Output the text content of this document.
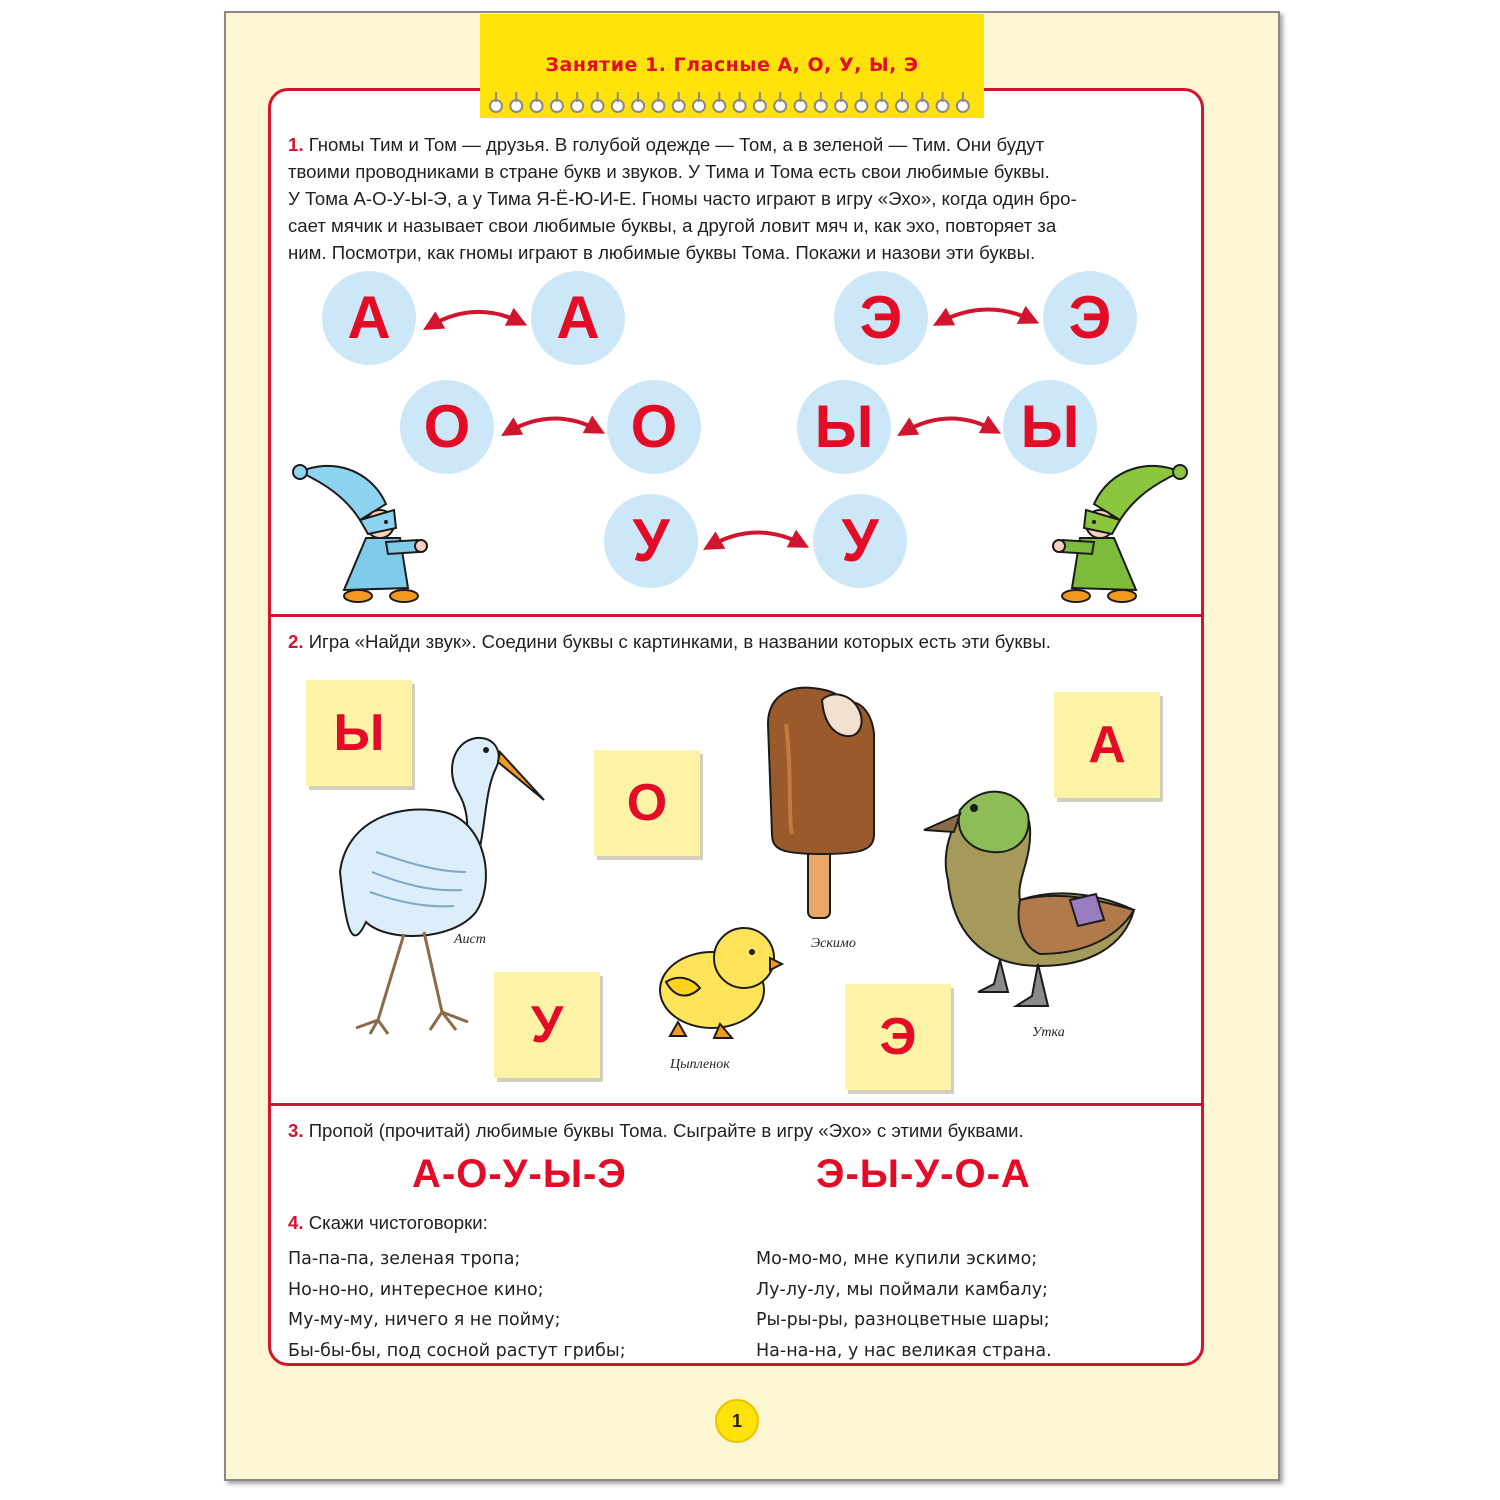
Занятие 1. Гласные А, О, У, Ы, Э
1. Гномы Тим и Том — друзья. В голубой одежде — Том, а в зеленой — Тим. Они будут
твоими проводниками в стране букв и звуков. У Тима и Тома есть свои любимые буквы.
У Тома А-О-У-Ы-Э, а у Тима Я-Ё-Ю-И-Е. Гномы часто играют в игру «Эхо», когда один бро-
сает мячик и называет свои любимые буквы, а другой ловит мяч и, как эхо, повторяет за
ним. Посмотри, как гномы играют в любимые буквы Тома. Покажи и назови эти буквы.
А	А
О	О
У	У
Ы Ы
Э	Э
2. Игра «Найди звук». Соедини буквы с картинками, в названии которых есть эти буквы.
Ы
О
А
У	Э
Аист	Эскимо
Цыпленок
Утка
3. Пропой (прочитай) любимые буквы Тома. Сыграйте в игру «Эхо» с этими буквами.
А-О-У-Ы-Э	Э-Ы-У-О-А
4. Скажи чистоговорки:
Па-па-па, зеленая тропа;
Но-но-но, интересное кино;
Му-му-му, ничего я не пойму;
Бы-бы-бы, под сосной растут грибы;
Мо-мо-мо, мне купили эскимо;
Лу-лу-лу, мы поймали камбалу;
Ры-ры-ры, разноцветные шары;
На-на-на, у нас великая страна.
1
